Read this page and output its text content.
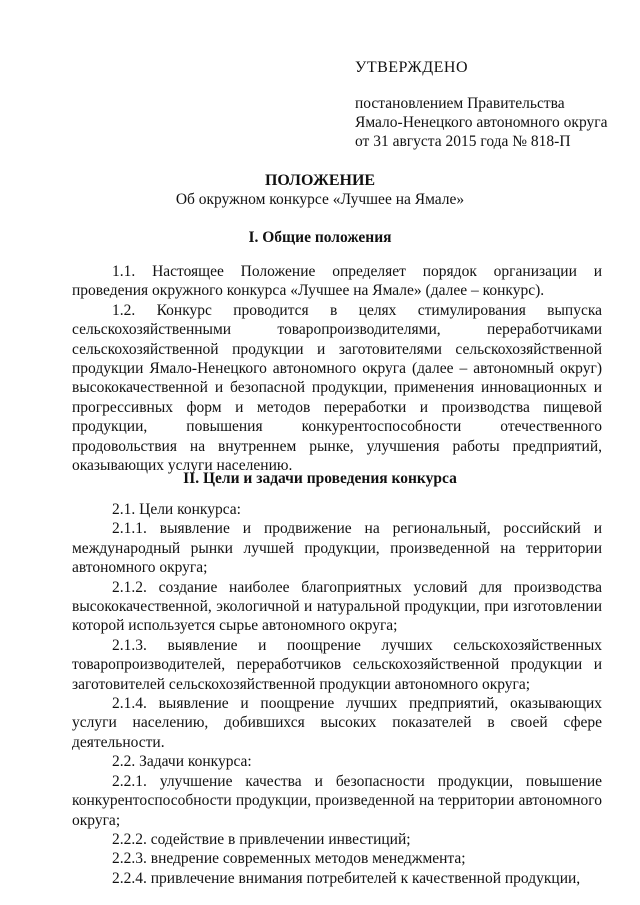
УТВЕРЖДЕНО
постановлением Правительства
Ямало-Ненецкого автономного округа
от 31 августа 2015 года № 818-П
ПОЛОЖЕНИЕ
Об окружном конкурсе «Лучшее на Ямале»
I. Общие положения

1.1. Настоящее Положение определяет порядок организации и проведения окружного конкурса «Лучшее на Ямале» (далее – конкурс).

1.2. Конкурс проводится в целях стимулирования выпуска сельскохозяйственными товаропроизводителями, переработчиками сельскохозяйственной продукции и заготовителями сельскохозяйственной продукции Ямало-Ненецкого автономного округа (далее – автономный округ) высококачественной и безопасной продукции, применения инновационных и прогрессивных форм и методов переработки и производства пищевой продукции, повышения конкурентоспособности отечественного продовольствия на внутреннем рынке, улучшения работы предприятий, оказывающих услуги населению.

II. Цели и задачи проведения конкурса

2.1. Цели конкурса:

2.1.1. выявление и продвижение на региональный, российский и международный рынки лучшей продукции, произведенной на территории автономного округа;

2.1.2. создание наиболее благоприятных условий для производства высококачественной, экологичной и натуральной продукции, при изготовлении которой используется сырье автономного округа;

2.1.3. выявление и поощрение лучших сельскохозяйственных товаропроизводителей, переработчиков сельскохозяйственной продукции и заготовителей сельскохозяйственной продукции автономного округа;

2.1.4. выявление и поощрение лучших предприятий, оказывающих услуги населению, добившихся высоких показателей в своей сфере деятельности.

2.2. Задачи конкурса:

2.2.1. улучшение качества и безопасности продукции, повышение конкурентоспособности продукции, произведенной на территории автономного округа;

2.2.2. содействие в привлечении инвестиций;

2.2.3. внедрение современных методов менеджмента;

2.2.4. привлечение внимания потребителей к качественной продукции,
